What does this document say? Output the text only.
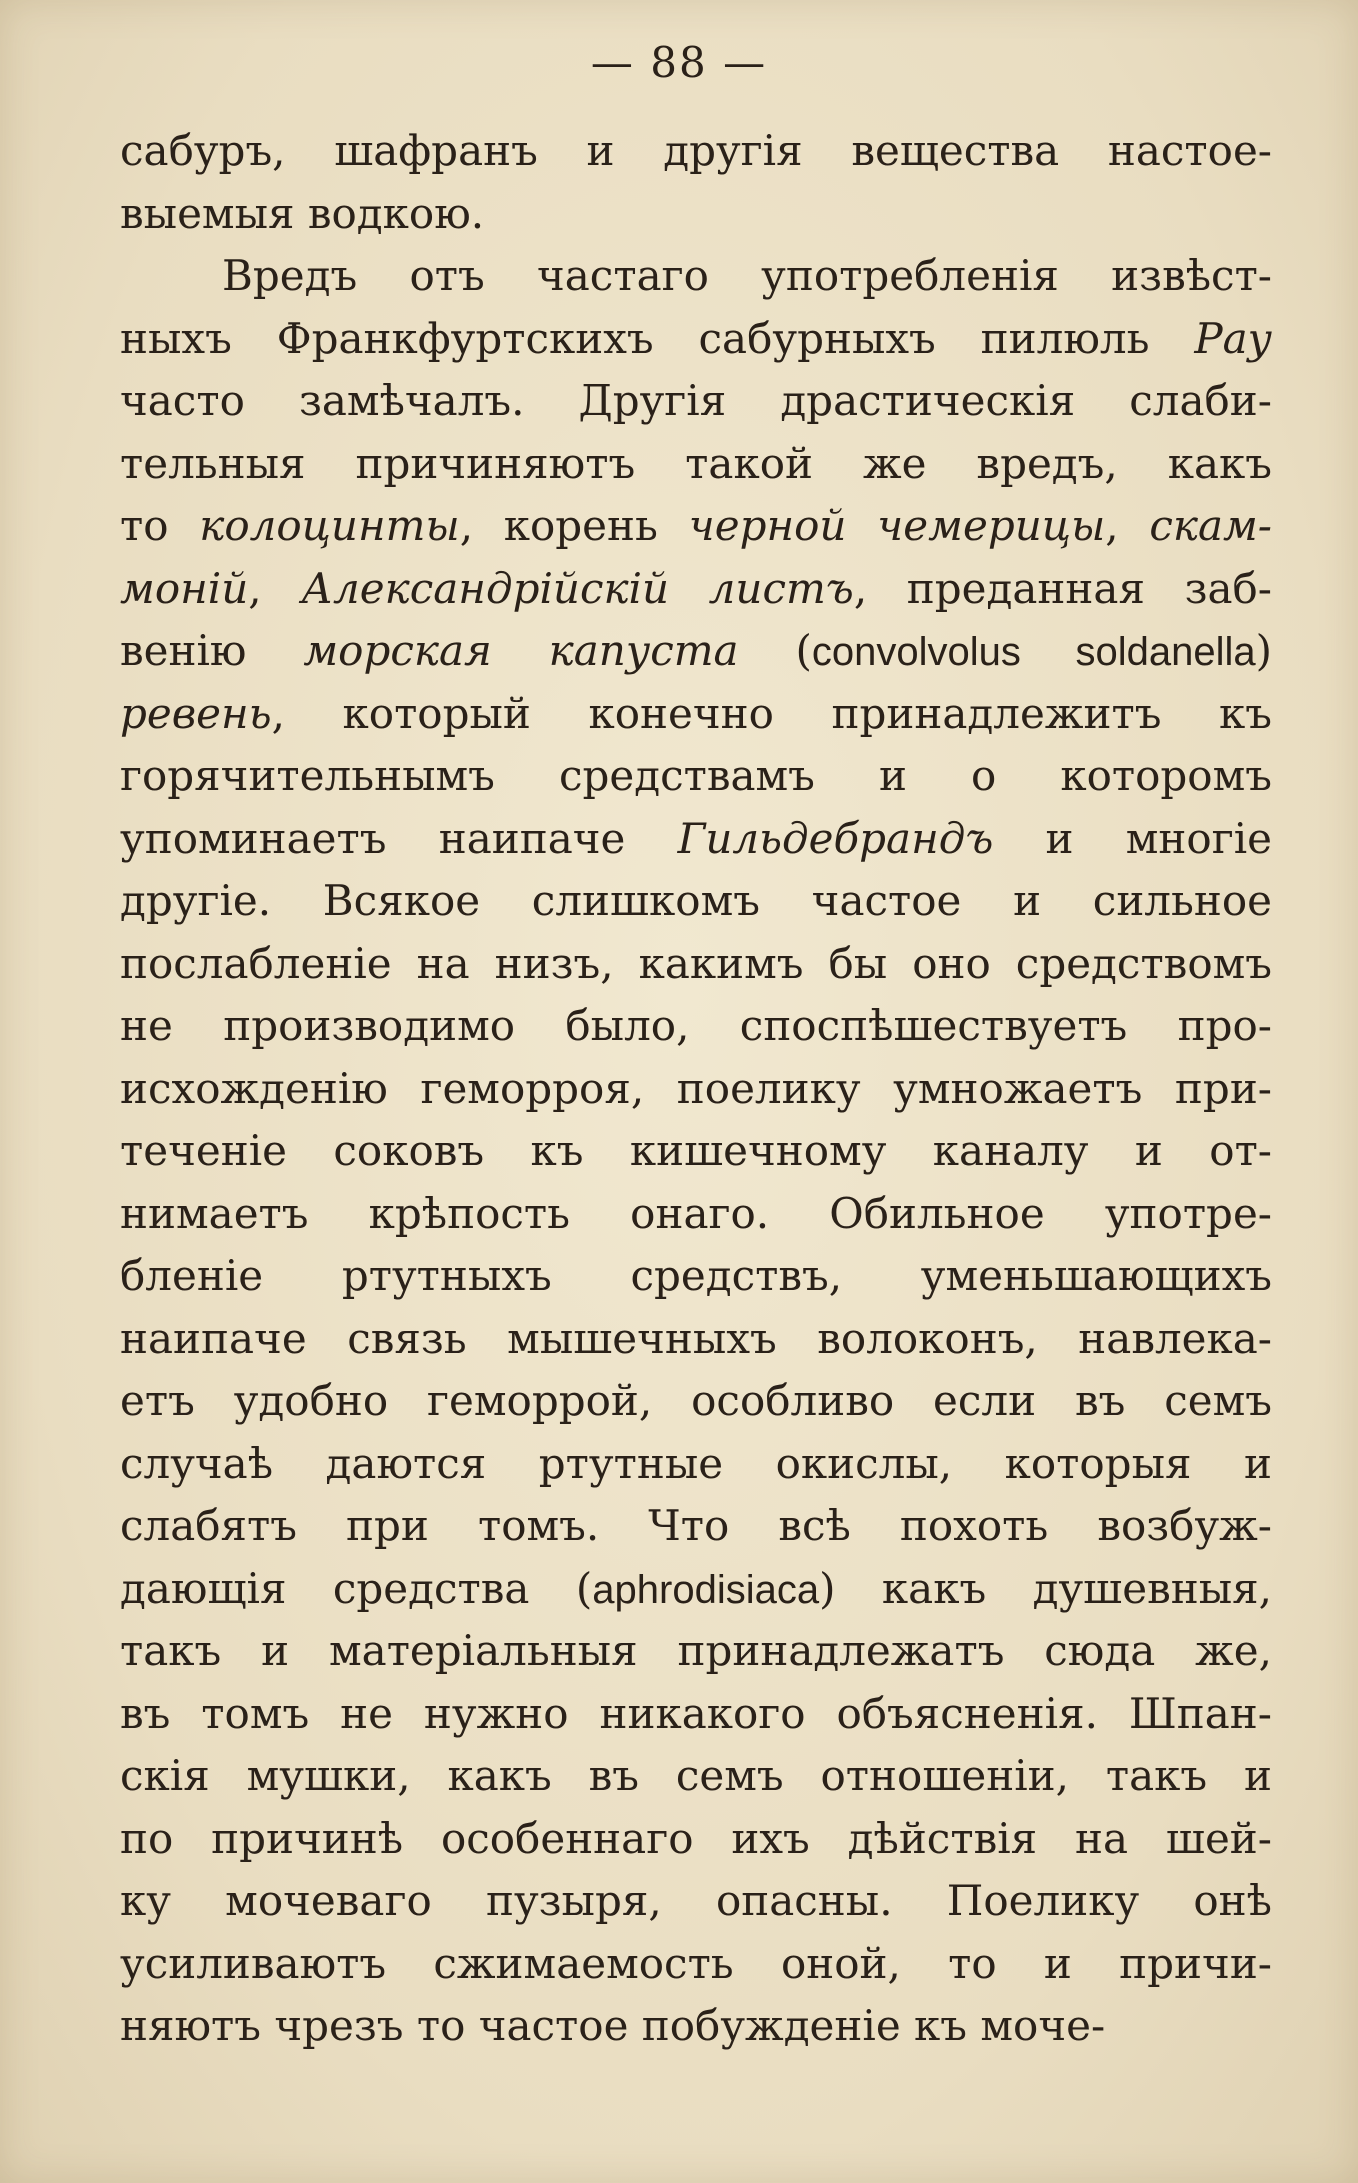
— 88 —
сабуръ, шафранъ и другія вещества настое-
выемыя водкою.
Вредъ отъ частаго употребленія извѣст-
ныхъ Франкфуртскихъ сабурныхъ пилюль Рау
часто замѣчалъ. Другія драстическія слаби-
тельныя причиняютъ такой же вредъ, какъ
то колоцинты, корень черной чемерицы, скам-
моній, Александрійскій листъ, преданная заб-
венію морская капуста (convolvolus soldanella)
ревень, который конечно принадлежитъ къ
горячительнымъ средствамъ и о которомъ
упоминаетъ наипаче Гильдебрандъ и многіе
другіе. Всякое слишкомъ частое и сильное
послабленіе на низъ, какимъ бы оно средствомъ
не производимо было, споспѣшествуетъ про-
исхожденію геморроя, поелику умножаетъ при-
теченіе соковъ къ кишечному каналу и от-
нимаетъ крѣпость онаго. Обильное употре-
бленіе ртутныхъ средствъ, уменьшающихъ
наипаче связь мышечныхъ волоконъ, навлека-
етъ удобно геморрой, особливо если въ семъ
случаѣ даются ртутные окислы, которыя и
слабятъ при томъ. Что всѣ похоть возбуж-
дающія средства (aphrodisiaca) какъ душевныя,
такъ и матеріальныя принадлежатъ сюда же,
въ томъ не нужно никакого объясненія. Шпан-
скія мушки, какъ въ семъ отношеніи, такъ и
по причинѣ особеннаго ихъ дѣйствія на шей-
ку мочеваго пузыря, опасны. Поелику онѣ
усиливаютъ сжимаемость оной, то и причи-
няютъ чрезъ то частое побужденіе къ моче-
